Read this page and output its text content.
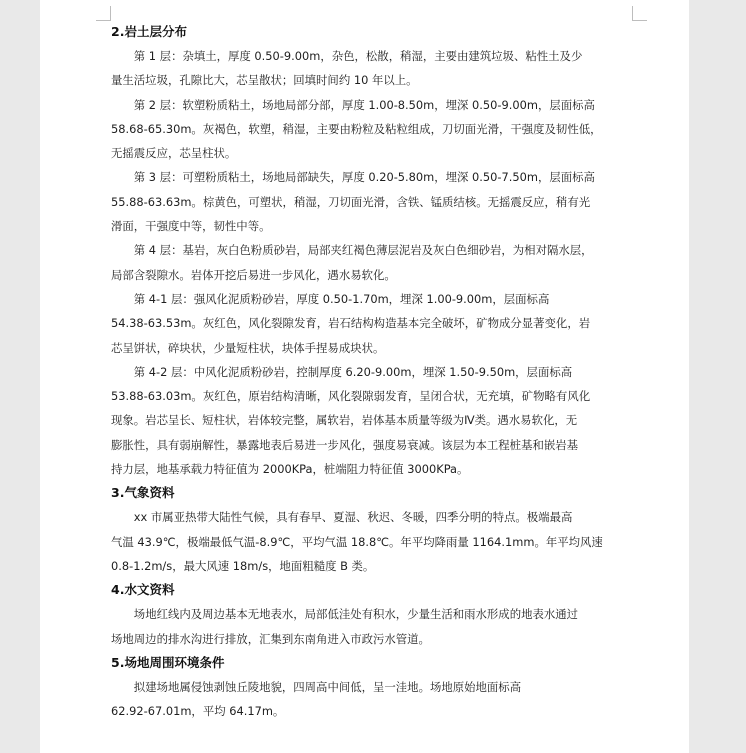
2.岩土层分布
第 1 层：杂填土，厚度 0.50-9.00m，杂色，松散，稍湿，主要由建筑垃圾、粘性土及少
量生活垃圾，孔隙比大，芯呈散状；回填时间约 10 年以上。
第 2 层：软塑粉质粘土，场地局部分部，厚度 1.00-8.50m，埋深 0.50-9.00m，层面标高
58.68-65.30m。灰褐色，软塑，稍湿，主要由粉粒及粘粒组成，刀切面光滑，干强度及韧性低，
无摇震反应，芯呈柱状。
第 3 层：可塑粉质粘土，场地局部缺失，厚度 0.20-5.80m，埋深 0.50-7.50m，层面标高
55.88-63.63m。棕黄色，可塑状，稍湿，刀切面光滑，含铁、锰质结核。无摇震反应，稍有光
滑面，干强度中等，韧性中等。
第 4 层：基岩，灰白色粉质砂岩，局部夹红褐色薄层泥岩及灰白色细砂岩，为相对隔水层，
局部含裂隙水。岩体开挖后易进一步风化，遇水易软化。
第 4-1 层：强风化泥质粉砂岩，厚度 0.50-1.70m，埋深 1.00-9.00m，层面标高
54.38-63.53m。灰红色，风化裂隙发育，岩石结构构造基本完全破坏，矿物成分显著变化，岩
芯呈饼状，碎块状，少量短柱状，块体手捏易成块状。
第 4-2 层：中风化泥质粉砂岩，控制厚度 6.20-9.00m，埋深 1.50-9.50m，层面标高
53.88-63.03m。灰红色，原岩结构清晰，风化裂隙弱发育，呈闭合状，无充填，矿物略有风化
现象。岩芯呈长、短柱状，岩体较完整，属软岩，岩体基本质量等级为Ⅳ类。遇水易软化，无
膨胀性，具有弱崩解性，暴露地表后易进一步风化，强度易衰减。该层为本工程桩基和嵌岩基
持力层，地基承载力特征值为 2000KPa，桩端阻力特征值 3000KPa。
3.气象资料
xx 市属亚热带大陆性气候，具有春早、夏湿、秋迟、冬暖，四季分明的特点。极端最高
气温 43.9℃，极端最低气温-8.9℃，平均气温 18.8℃。年平均降雨量 1164.1mm。年平均风速
0.8-1.2m/s，最大风速 18m/s，地面粗糙度 B 类。
4.水文资料
场地红线内及周边基本无地表水，局部低洼处有积水，少量生活和雨水形成的地表水通过
场地周边的排水沟进行排放，汇集到东南角进入市政污水管道。
5.场地周围环境条件
拟建场地属侵蚀剥蚀丘陵地貌，四周高中间低，呈一洼地。场地原始地面标高
62.92-67.01m，平均 64.17m。
